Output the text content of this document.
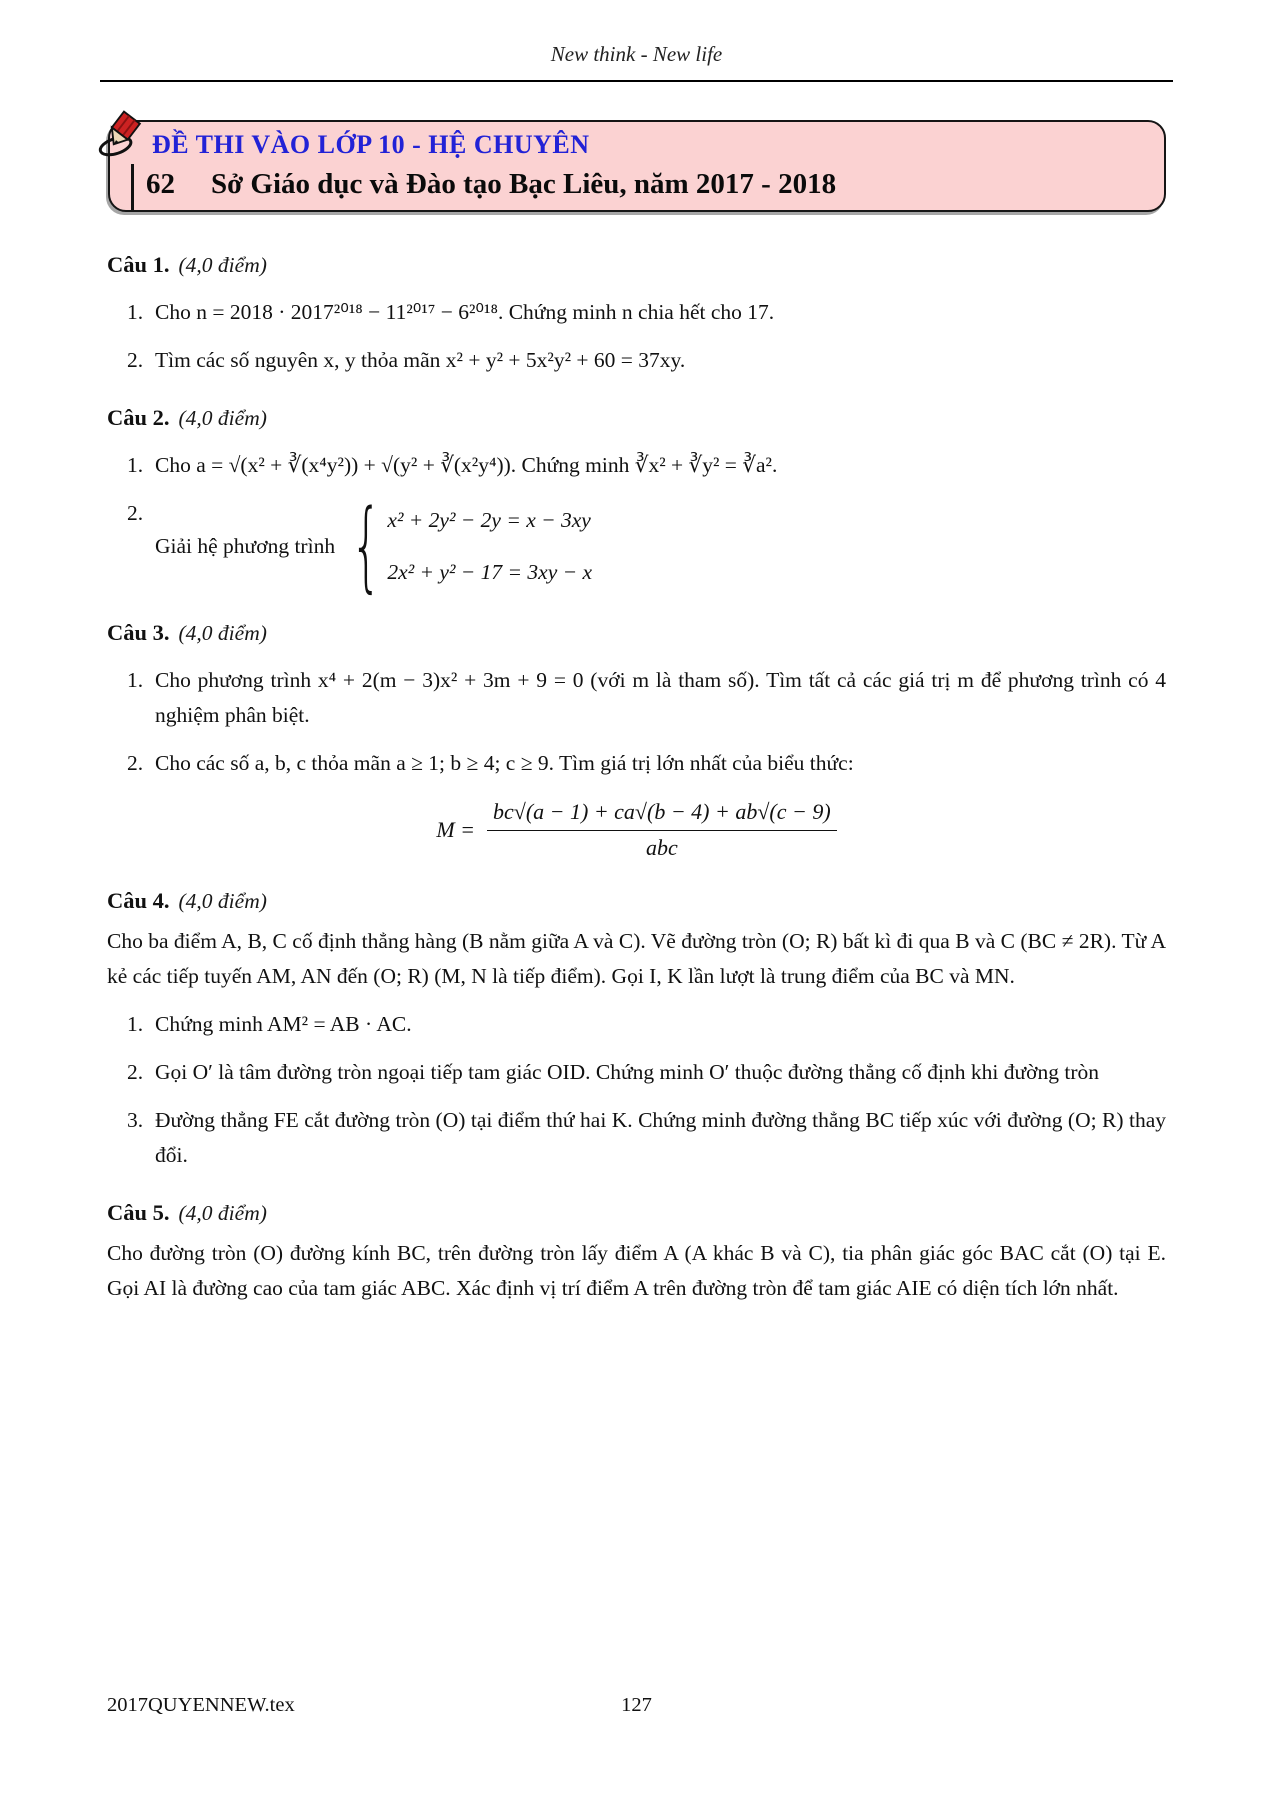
New think - New life
ĐỀ THI VÀO LỚP 10 - HỆ CHUYÊN
62 Sở Giáo dục và Đào tạo Bạc Liêu, năm 2017 - 2018
Câu 1. (4,0 điểm)
1. Cho n = 2018 · 2017²⁰¹⁸ − 11²⁰¹⁷ − 6²⁰¹⁸. Chứng minh n chia hết cho 17.
2. Tìm các số nguyên x, y thỏa mãn x² + y² + 5x²y² + 60 = 37xy.
Câu 2. (4,0 điểm)
1. Cho a = √(x² + ∛(x⁴y²)) + √(y² + ∛(x²y⁴)). Chứng minh ∛x² + ∛y² = ∛a².
2.
Giải hệ phương trình { x² + 2y² − 2y = x − 3xy
2x² + y² − 17 = 3xy − x
Câu 3. (4,0 điểm)
1. Cho phương trình x⁴ + 2(m − 3)x² + 3m + 9 = 0 (với m là tham số). Tìm tất cả các giá trị m để phương trình có 4 nghiệm phân biệt.
2. Cho các số a, b, c thỏa mãn a ≥ 1; b ≥ 4; c ≥ 9. Tìm giá trị lớn nhất của biểu thức:
$M = \frac{bc√(a - 1) + ca√(b - 4) + ab√(c - 9)}{\text{abc}}$
Câu 4. (4,0 điểm)
Cho ba điểm A, B, C cố định thẳng hàng (B nằm giữa A và C). Vẽ đường tròn (O; R) bất kì đi qua B và C (BC ≠ 2R). Từ A kẻ các tiếp tuyến AM, AN đến (O; R) (M, N là tiếp điểm). Gọi I, K lần lượt là trung điểm của BC và MN.
1. Chứng minh AM² = AB · AC.
2. Gọi O′ là tâm đường tròn ngoại tiếp tam giác OID. Chứng minh O′ thuộc đường thẳng cố định khi đường tròn
3. Đường thẳng FE cắt đường tròn (O) tại điểm thứ hai K. Chứng minh đường thẳng BC tiếp xúc với đường (O; R) thay đổi.
Câu 5. (4,0 điểm)
Cho đường tròn (O) đường kính BC, trên đường tròn lấy điểm A (A khác B và C), tia phân giác góc BAC cắt (O) tại E. Gọi AI là đường cao của tam giác ABC. Xác định vị trí điểm A trên đường tròn để tam giác AIE có diện tích lớn nhất.
127
2017QUYENNEW.tex
